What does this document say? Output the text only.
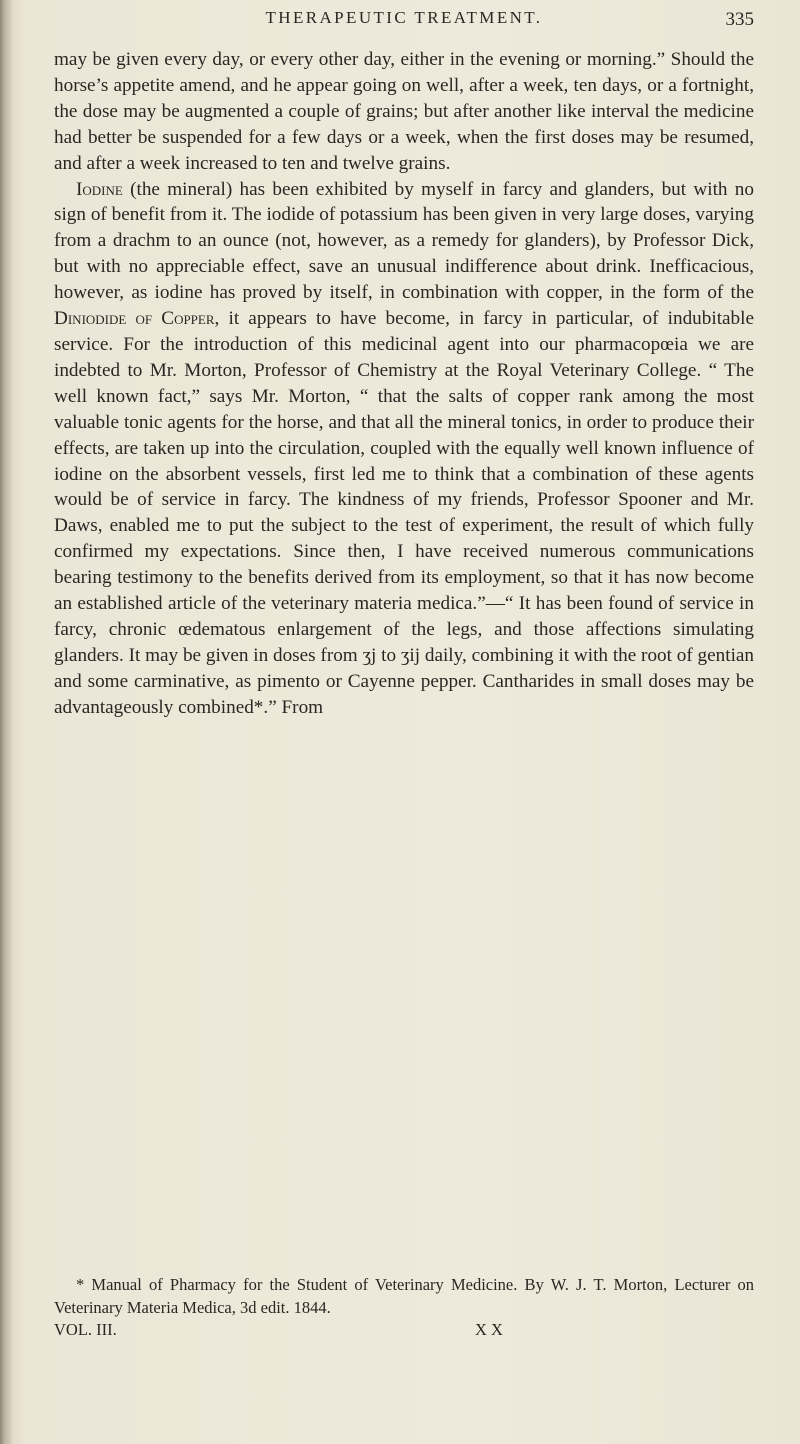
THERAPEUTIC TREATMENT.	335

may be given every day, or every other day, either in the evening or morning.” Should the horse’s appetite amend, and he appear going on well, after a week, ten days, or a fortnight, the dose may be augmented a couple of grains; but after another like interval the medicine had better be suspended for a few days or a week, when the first doses may be resumed, and after a week increased to ten and twelve grains.

Iodine (the mineral) has been exhibited by myself in farcy and glanders, but with no sign of benefit from it. The iodide of potassium has been given in very large doses, varying from a drachm to an ounce (not, however, as a remedy for glanders), by Professor Dick, but with no appreciable effect, save an unusual indifference about drink. Inefficacious, however, as iodine has proved by itself, in combination with copper, in the form of the Diniodide of Copper, it appears to have become, in farcy in particular, of indubitable service. For the introduction of this medicinal agent into our pharmacopœia we are indebted to Mr. Morton, Professor of Chemistry at the Royal Veterinary College. “ The well known fact,” says Mr. Morton, “ that the salts of copper rank among the most valuable tonic agents for the horse, and that all the mineral tonics, in order to produce their effects, are taken up into the circulation, coupled with the equally well known influence of iodine on the absorbent vessels, first led me to think that a combination of these agents would be of service in farcy. The kindness of my friends, Professor Spooner and Mr. Daws, enabled me to put the subject to the test of experiment, the result of which fully confirmed my expectations. Since then, I have received numerous communications bearing testimony to the benefits derived from its employment, so that it has now become an established article of the veterinary materia medica.”—“ It has been found of service in farcy, chronic œdematous enlargement of the legs, and those affections simulating glanders. It may be given in doses from ʒj to ʒij daily, combining it with the root of gentian and some carminative, as pimento or Cayenne pepper. Cantharides in small doses may be advantageously combined*.” From

* Manual of Pharmacy for the Student of Veterinary Medicine. By W. J. T. Morton, Lecturer on Veterinary Materia Medica, 3d edit. 1844.

VOL. III.	X X
